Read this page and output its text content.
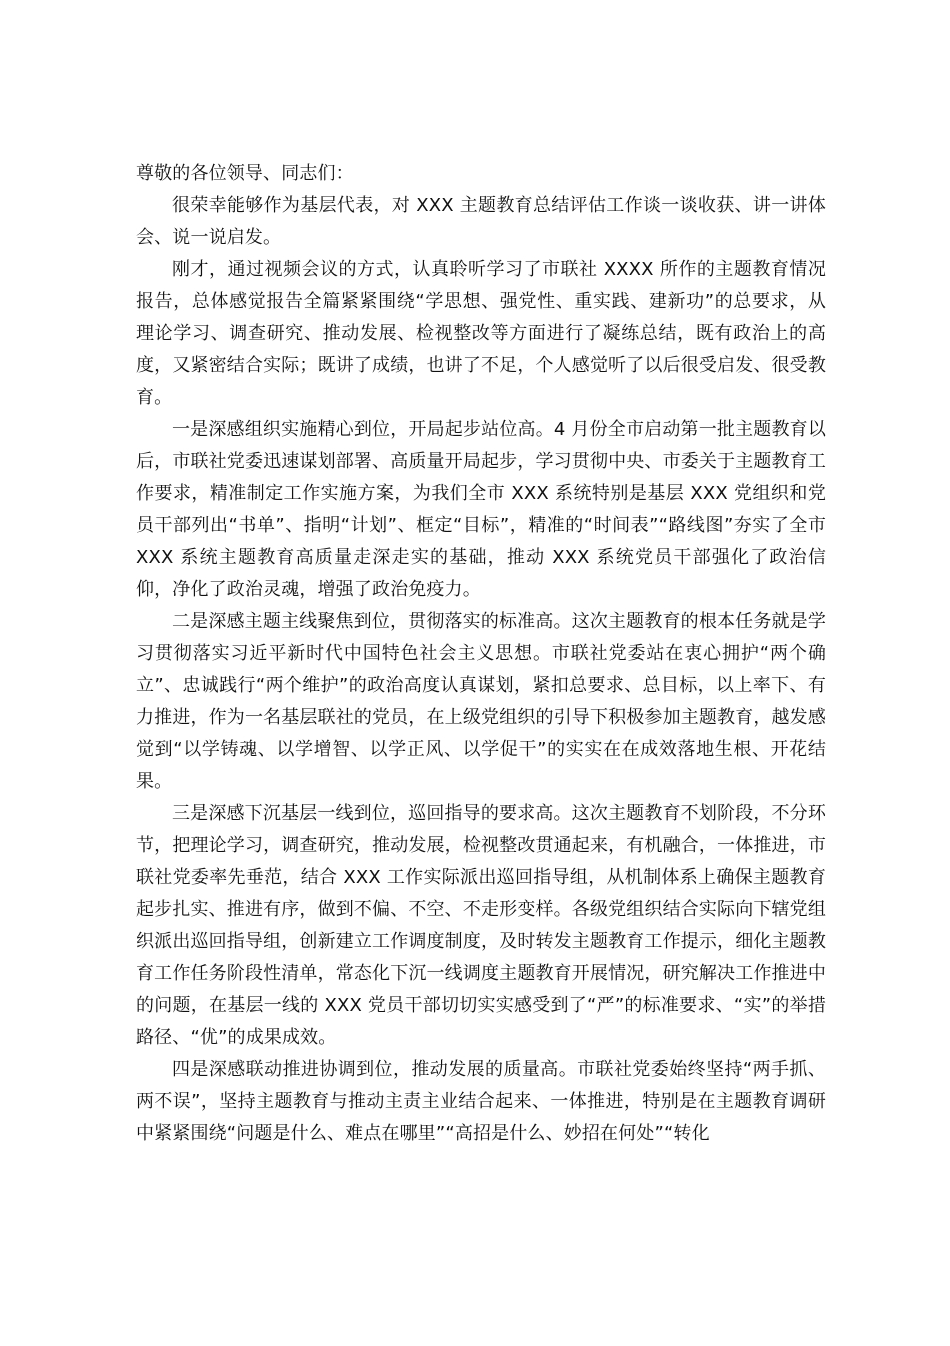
尊敬的各位领导、同志们：

很荣幸能够作为基层代表，对 XXX 主题教育总结评估工作谈一谈收获、讲一讲体会、说一说启发。

刚才，通过视频会议的方式，认真聆听学习了市联社 XXXX 所作的主题教育情况报告，总体感觉报告全篇紧紧围绕“学思想、强党性、重实践、建新功”的总要求，从理论学习、调查研究、推动发展、检视整改等方面进行了凝练总结，既有政治上的高度，又紧密结合实际；既讲了成绩，也讲了不足，个人感觉听了以后很受启发、很受教育。

一是深感组织实施精心到位，开局起步站位高。4 月份全市启动第一批主题教育以后，市联社党委迅速谋划部署、高质量开局起步，学习贯彻中央、市委关于主题教育工作要求，精准制定工作实施方案，为我们全市 XXX 系统特别是基层 XXX 党组织和党员干部列出“书单”、指明“计划”、框定“目标”，精准的“时间表”“路线图”夯实了全市 XXX 系统主题教育高质量走深走实的基础，推动 XXX 系统党员干部强化了政治信仰，净化了政治灵魂，增强了政治免疫力。

二是深感主题主线聚焦到位，贯彻落实的标准高。这次主题教育的根本任务就是学习贯彻落实习近平新时代中国特色社会主义思想。市联社党委站在衷心拥护“两个确立”、忠诚践行“两个维护”的政治高度认真谋划，紧扣总要求、总目标，以上率下、有力推进，作为一名基层联社的党员，在上级党组织的引导下积极参加主题教育，越发感觉到“以学铸魂、以学增智、以学正风、以学促干”的实实在在成效落地生根、开花结果。

三是深感下沉基层一线到位，巡回指导的要求高。这次主题教育不划阶段，不分环节，把理论学习，调查研究，推动发展，检视整改贯通起来，有机融合，一体推进，市联社党委率先垂范，结合 XXX 工作实际派出巡回指导组，从机制体系上确保主题教育起步扎实、推进有序，做到不偏、不空、不走形变样。各级党组织结合实际向下辖党组织派出巡回指导组，创新建立工作调度制度，及时转发主题教育工作提示，细化主题教育工作任务阶段性清单，常态化下沉一线调度主题教育开展情况，研究解决工作推进中的问题，在基层一线的 XXX 党员干部切切实实感受到了“严”的标准要求、“实”的举措路径、“优”的成果成效。

四是深感联动推进协调到位，推动发展的质量高。市联社党委始终坚持“两手抓、两不误”，坚持主题教育与推动主责主业结合起来、一体推进，特别是在主题教育调研中紧紧围绕“问题是什么、难点在哪里”“高招是什么、妙招在何处”“转化
